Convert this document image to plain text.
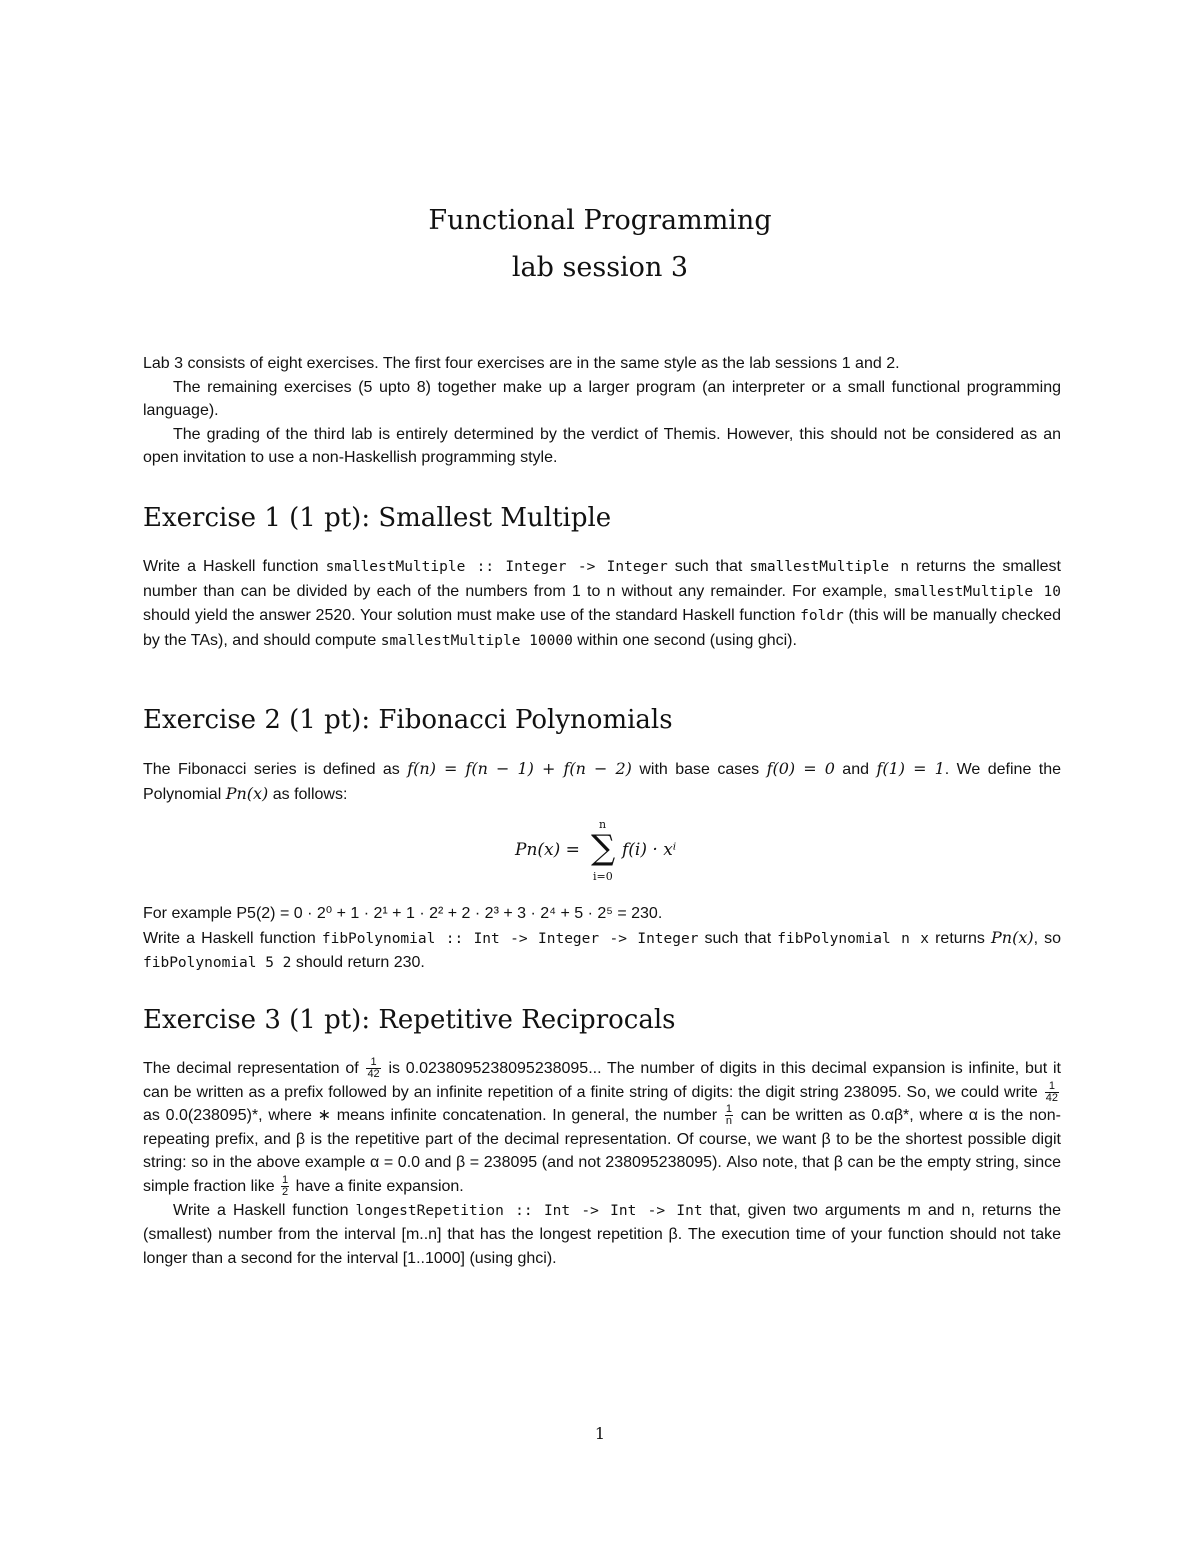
Functional Programming
lab session 3

Lab 3 consists of eight exercises. The first four exercises are in the same style as the lab sessions 1 and 2.

The remaining exercises (5 upto 8) together make up a larger program (an interpreter or a small functional programming language).

The grading of the third lab is entirely determined by the verdict of Themis. However, this should not be considered as an open invitation to use a non-Haskellish programming style.

Exercise 1 (1 pt): Smallest Multiple

Write a Haskell function smallestMultiple :: Integer -> Integer such that smallestMultiple n returns the smallest number than can be divided by each of the numbers from 1 to n without any remainder. For example, smallestMultiple 10 should yield the answer 2520. Your solution must make use of the standard Haskell function foldr (this will be manually checked by the TAs), and should compute smallestMultiple 10000 within one second (using ghci).

Exercise 2 (1 pt): Fibonacci Polynomials

The Fibonacci series is defined as f(n) = f(n − 1) + f(n − 2) with base cases f(0) = 0 and f(1) = 1. We define the Polynomial Pn(x) as follows:

Pn(x) =
n
∑
i=0
f(i) · xⁱ

For example P5(2) = 0 · 2⁰ + 1 · 2¹ + 1 · 2² + 2 · 2³ + 3 · 2⁴ + 5 · 2⁵ = 230.

Write a Haskell function fibPolynomial :: Int -> Integer -> Integer such that fibPolynomial n x returns Pn(x), so fibPolynomial 5 2 should return 230.

Exercise 3 (1 pt): Repetitive Reciprocals

The decimal representation of $\frac{1}{42}$ is 0.0238095238095238095... The number of digits in this decimal expansion is infinite, but it can be written as a prefix followed by an infinite repetition of a finite string of digits: the digit string 238095. So, we could write $\frac{1}{42}$
as 0.0(238095)*, where ∗ means infinite concatenation. In general, the number $\frac{1}{n}$ can be written as 0.αβ*, where α is the non-repeating prefix, and β is the repetitive part of the decimal representation. Of course, we want β to be the shortest possible digit string: so in the above example α = 0.0 and β = 238095 (and not 238095238095). Also note, that β can be the empty string, since simple fraction like $\frac{1}{2}$ have a finite expansion.

Write a Haskell function longestRepetition :: Int -> Int -> Int that, given two arguments m and n, returns the (smallest) number from the interval [m..n] that has the longest repetition β. The execution time of your function should not take longer than a second for the interval [1..1000] (using ghci).

1
